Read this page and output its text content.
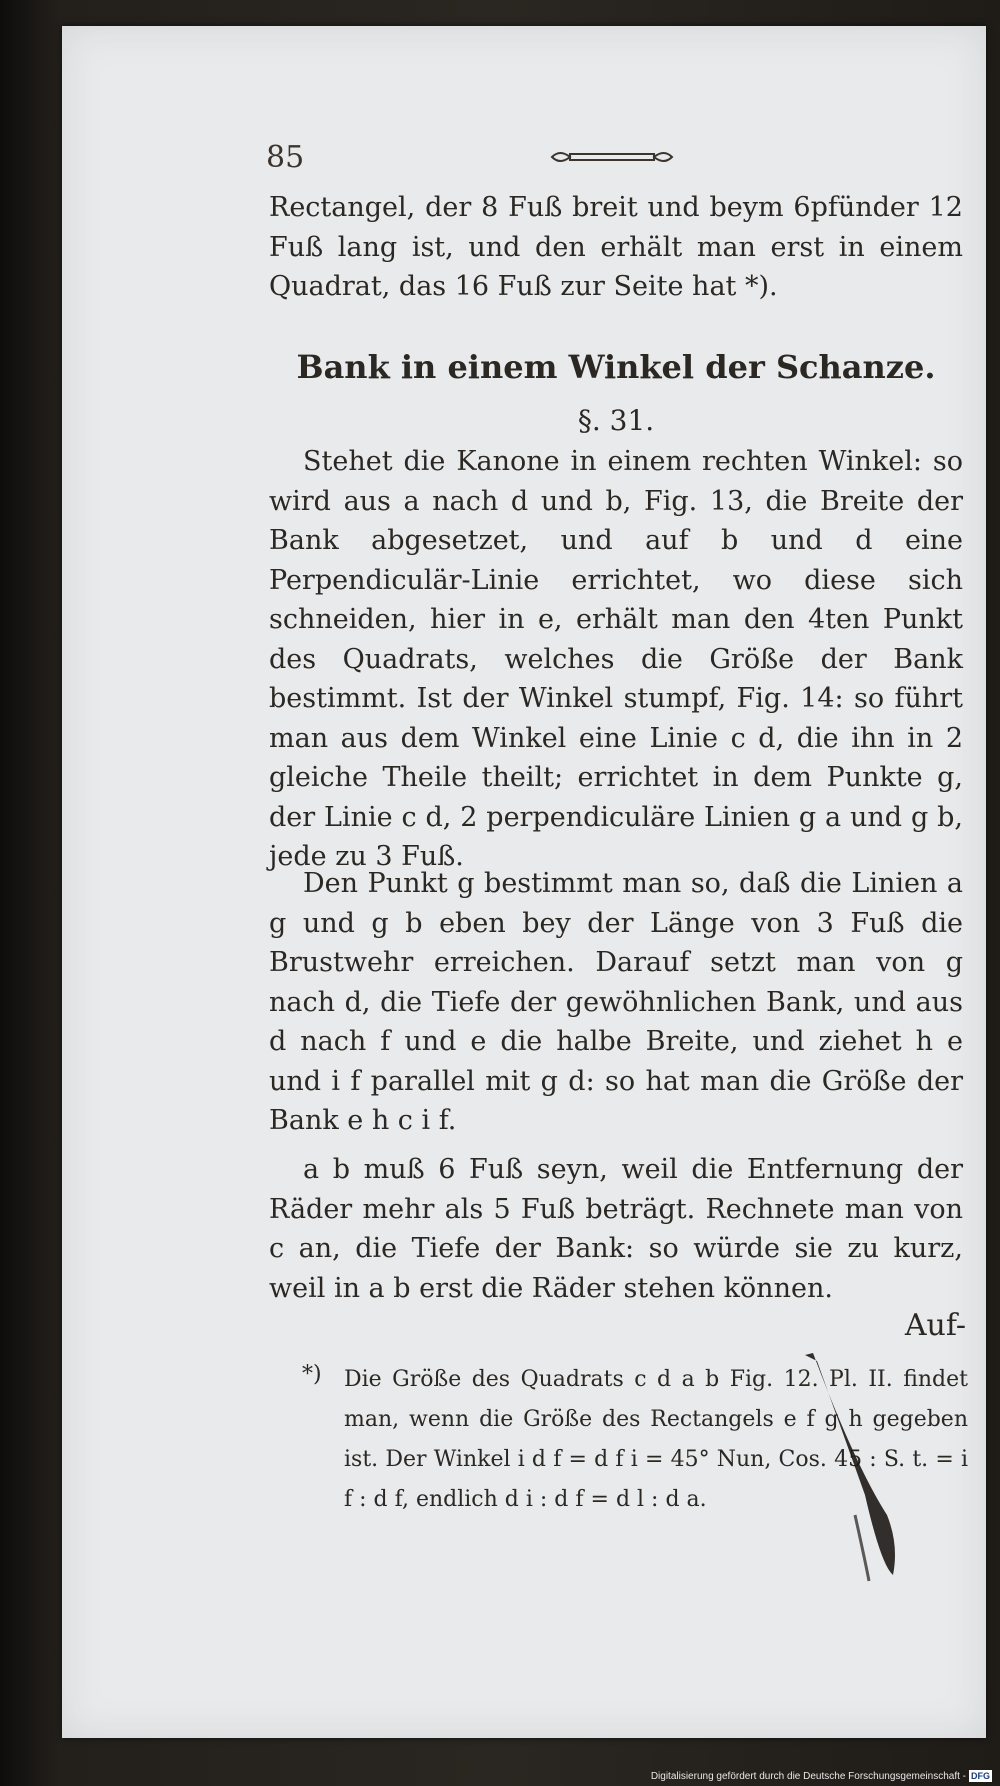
85

Rectangel, der 8 Fuß breit und beym 6pfünder 12 Fuß lang ist, und den erhält man erst in einem Quadrat, das 16 Fuß zur Seite hat *).

Bank in einem Winkel der Schanze.

§. 31.

Stehet die Kanone in einem rechten Winkel: so wird aus a nach d und b, Fig. 13, die Breite der Bank abgesetzet, und auf b und d eine Perpendiculär-Linie errichtet, wo diese sich schneiden, hier in e, erhält man den 4ten Punkt des Quadrats, welches die Größe der Bank bestimmt. Ist der Winkel stumpf, Fig. 14: so führt man aus dem Winkel eine Linie c d, die ihn in 2 gleiche Theile theilt; errichtet in dem Punkte g, der Linie c d, 2 perpendiculäre Linien g a und g b, jede zu 3 Fuß.

Den Punkt g bestimmt man so, daß die Linien a g und g b eben bey der Länge von 3 Fuß die Brustwehr erreichen. Darauf setzt man von g nach d, die Tiefe der gewöhnlichen Bank, und aus d nach f und e die halbe Breite, und ziehet h e und i f parallel mit g d: so hat man die Größe der Bank e h c i f.

a b muß 6 Fuß seyn, weil die Entfernung der Räder mehr als 5 Fuß beträgt. Rechnete man von c an, die Tiefe der Bank: so würde sie zu kurz, weil in a b erst die Räder stehen können.

Auf-
*)	Die Größe des Quadrats c d a b Fig. 12. Pl. II. findet man, wenn die Größe des Rectangels e f g h gegeben ist. Der Winkel i d f = d f i = 45° Nun, Cos. 45 : S. t. = i f : d f, endlich d i : d f = d l : d a.

Digitalisierung gefördert durch die Deutsche Forschungsgemeinschaft - DFG
